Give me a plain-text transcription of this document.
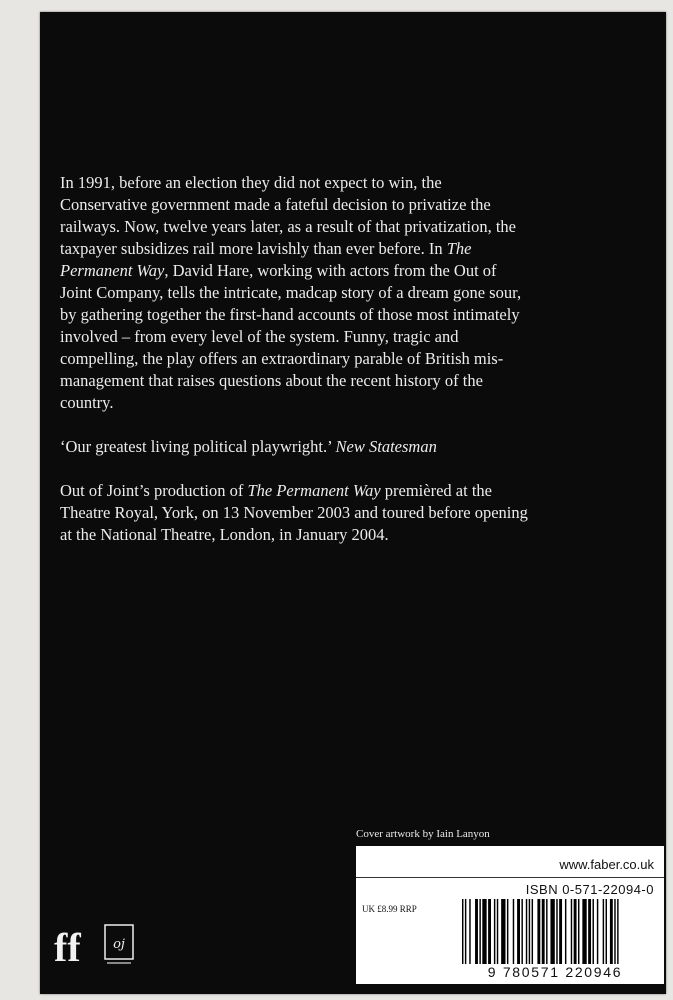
In 1991, before an election they did not expect to win, the Conservative government made a fateful decision to privatize the railways. Now, twelve years later, as a result of that privatization, the taxpayer subsidizes rail more lavishly than ever before. In The Permanent Way, David Hare, working with actors from the Out of Joint Company, tells the intricate, madcap story of a dream gone sour, by gathering together the first-hand accounts of those most intimately involved – from every level of the system. Funny, tragic and compelling, the play offers an extraordinary parable of British mis-management that raises questions about the recent history of the country.

‘Our greatest living political playwright.’ New Statesman

Out of Joint’s production of The Permanent Way premièred at the Theatre Royal, York, on 13 November 2003 and toured before opening at the National Theatre, London, in January 2004.

Cover artwork by Iain Lanyon
www.faber.co.uk
ISBN 0-571-22094-0
UK £8.99 RRP
9 780571 220946
ff oj
